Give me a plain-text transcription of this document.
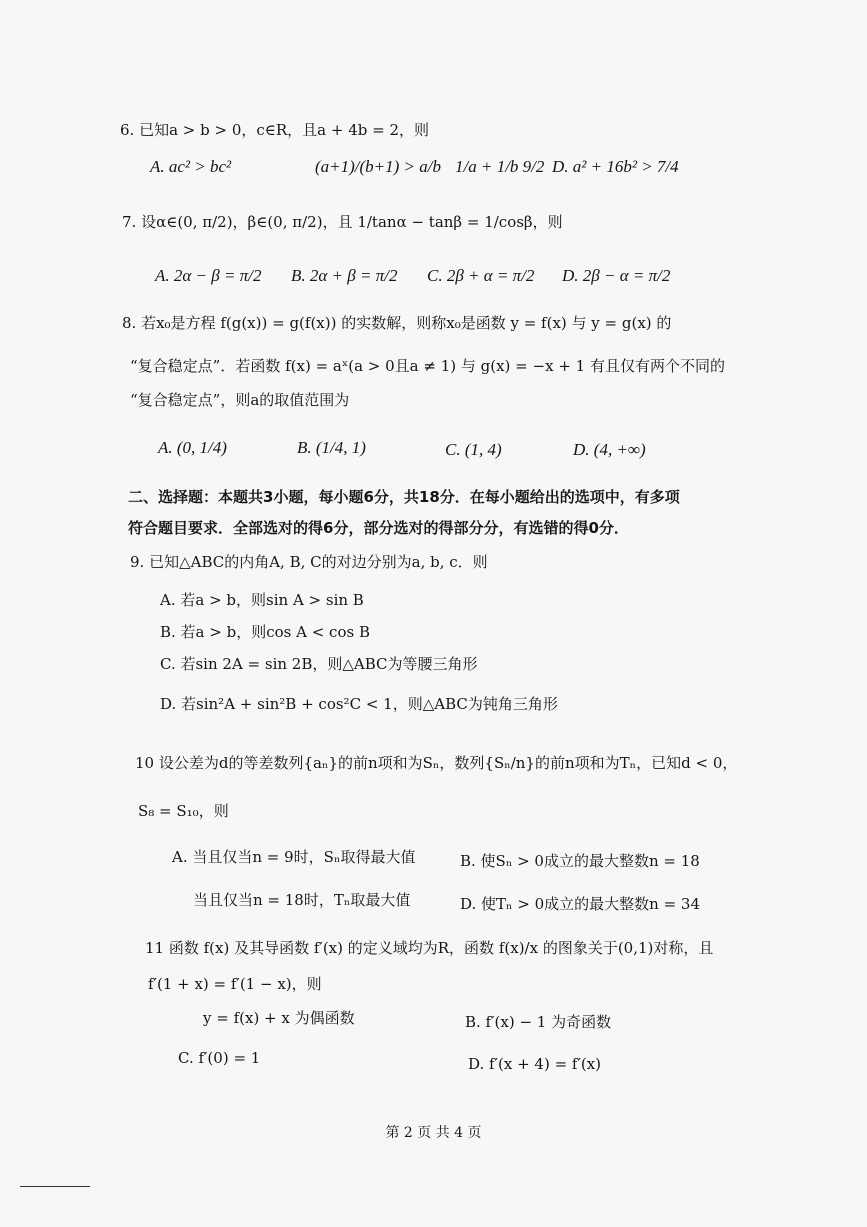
6. 已知a > b > 0，c∈R，且a + 4b = 2，则
A. ac² > bc²	(a+1)/(b+1) > a/b 1/a + 1/b 9/2 D. a² + 16b² > 7/4
7. 设α∈(0, π/2)，β∈(0, π/2)，且 1/tanα − tanβ = 1/cosβ，则
A. 2α − β = π/2 B. 2α + β = π/2 C. 2β + α = π/2 D. 2β − α = π/2
8. 若x₀是方程 f(g(x)) = g(f(x)) 的实数解，则称x₀是函数 y = f(x) 与 y = g(x) 的
“复合稳定点”．若函数 f(x) = aˣ(a > 0且a ≠ 1) 与 g(x) = −x + 1 有且仅有两个不同的
“复合稳定点”，则a的取值范围为
A. (0, 1/4)	B. (1/4, 1)	C. (1, 4)	D. (4, +∞)
二、选择题：本题共3小题，每小题6分，共18分．在每小题给出的选项中，有多项
符合题目要求．全部选对的得6分，部分选对的得部分分，有选错的得0分．
9. 已知△ABC的内角A, B, C的对边分别为a, b, c．则
A. 若a > b，则sin A > sin B
B. 若a > b，则cos A < cos B
C. 若sin 2A = sin 2B，则△ABC为等腰三角形
D. 若sin²A + sin²B + cos²C < 1，则△ABC为钝角三角形
10 设公差为d的等差数列{aₙ}的前n项和为Sₙ，数列{Sₙ/n}的前n项和为Tₙ，已知d < 0，
S₈ = S₁₀，则
A. 当且仅当n = 9时，Sₙ取得最大值	B. 使Sₙ > 0成立的最大整数n = 18
当且仅当n = 18时，Tₙ取最大值	D. 使Tₙ > 0成立的最大整数n = 34
11 函数 f(x) 及其导函数 f′(x) 的定义域均为R，函数 f(x)/x 的图象关于(0,1)对称，且
f′(1 + x) = f′(1 − x)，则
y = f(x) + x 为偶函数	B. f′(x) − 1 为奇函数
C. f′(0) = 1	D. f′(x + 4) = f′(x)
第 2 页 共 4 页
